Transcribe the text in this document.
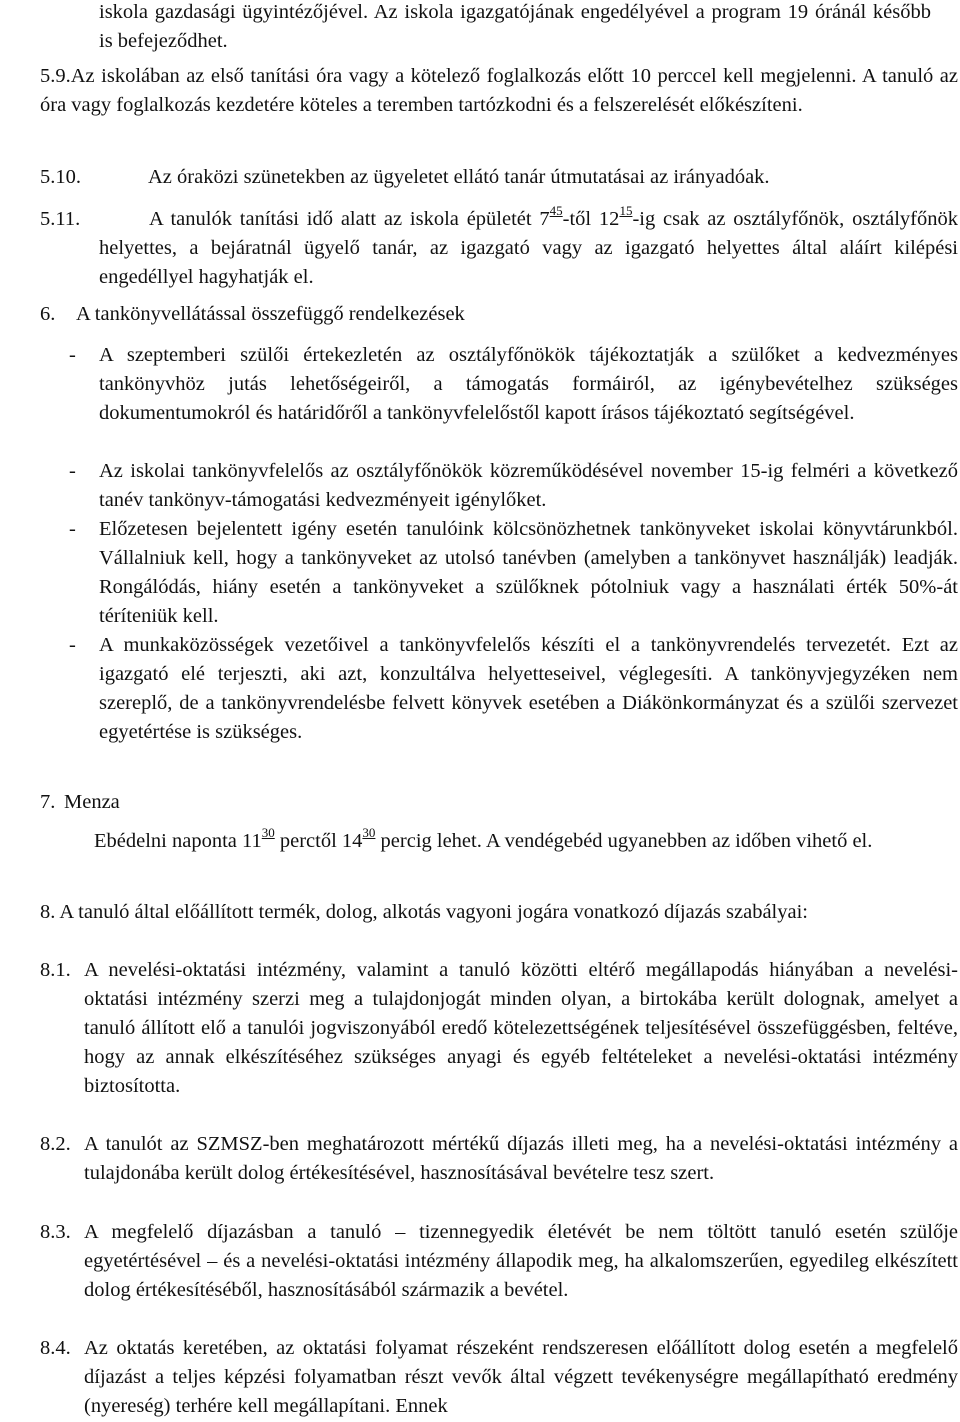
iskola gazdasági ügyintézőjével. Az iskola igazgatójának engedélyével a program 19 óránál később is befejeződhet.
5.9.Az iskolában az első tanítási óra vagy a kötelező foglalkozás előtt 10 perccel kell megjelenni. A tanuló az óra vagy foglalkozás kezdetére köteles a teremben tartózkodni és a felszerelését előkészíteni.
5.10.	Az óraközi szünetekben az ügyeletet ellátó tanár útmutatásai az irányadóak.
5.11.	A tanulók tanítási idő alatt az iskola épületét $7^{45}$-től $12^{15}-ig$ csak az osztályfőnök, osztályfőnök helyettes, a bejáratnál ügyelő tanár, az igazgató vagy az igazgató helyettes által aláírt kilépési engedéllyel hagyhatják el.
6. A tankönyvellátással összefüggő rendelkezések
- A szeptemberi szülői értekezletén az osztályfőnökök tájékoztatják a szülőket a kedvezményes tankönyvhöz jutás lehetőségeiről, a támogatás formáiról, az igénybevételhez szükséges dokumentumokról és határidőről a tankönyvfelelőstől kapott írásos tájékoztató segítségével.
- Az iskolai tankönyvfelelős az osztályfőnökök közreműködésével november 15-ig felméri a következő tanév tankönyv-támogatási kedvezményeit igénylőket.
- Előzetesen bejelentett igény esetén tanulóink kölcsönözhetnek tankönyveket iskolai könyvtárunkból. Vállalniuk kell, hogy a tankönyveket az utolsó tanévben (amelyben a tankönyvet használják) leadják. Rongálódás, hiány esetén a tankönyveket a szülőknek pótolniuk vagy a használati érték 50%-át téríteniük kell.
- A munkaközösségek vezetőivel a tankönyvfelelős készíti el a tankönyvrendelés tervezetét. Ezt az igazgató elé terjeszti, aki azt, konzultálva helyetteseivel, véglegesíti. A tankönyvjegyzéken nem szereplő, de a tankönyvrendelésbe felvett könyvek esetében a Diákönkormányzat és a szülői szervezet egyetértése is szükséges.
7. Menza
Ebédelni naponta $11^{30}$ perctől $14^{30}$ percig lehet. A vendégebéd ugyanebben az időben vihető el.
8. A tanuló által előállított termék, dolog, alkotás vagyoni jogára vonatkozó díjazás szabályai:
8.1. A nevelési-oktatási intézmény, valamint a tanuló közötti eltérő megállapodás hiányában a nevelési-oktatási intézmény szerzi meg a tulajdonjogát minden olyan, a birtokába került dolognak, amelyet a tanuló állított elő a tanulói jogviszonyából eredő kötelezettségének teljesítésével összefüggésben, feltéve, hogy az annak elkészítéséhez szükséges anyagi és egyéb feltételeket a nevelési-oktatási intézmény biztosította.
8.2. A tanulót az SZMSZ-ben meghatározott mértékű díjazás illeti meg, ha a nevelési-oktatási intézmény a tulajdonába került dolog értékesítésével, hasznosításával bevételre tesz szert.
8.3. A megfelelő díjazásban a tanuló – tizennegyedik életévét be nem töltött tanuló esetén szülője egyetértésével – és a nevelési-oktatási intézmény állapodik meg, ha alkalomszerűen, egyedileg elkészített dolog értékesítéséből, hasznosításából származik a bevétel.
8.4. Az oktatás keretében, az oktatási folyamat részeként rendszeresen előállított dolog esetén a megfelelő díjazást a teljes képzési folyamatban részt vevők által végzett tevékenységre megállapítható eredmény (nyereség) terhére kell megállapítani. Ennek
